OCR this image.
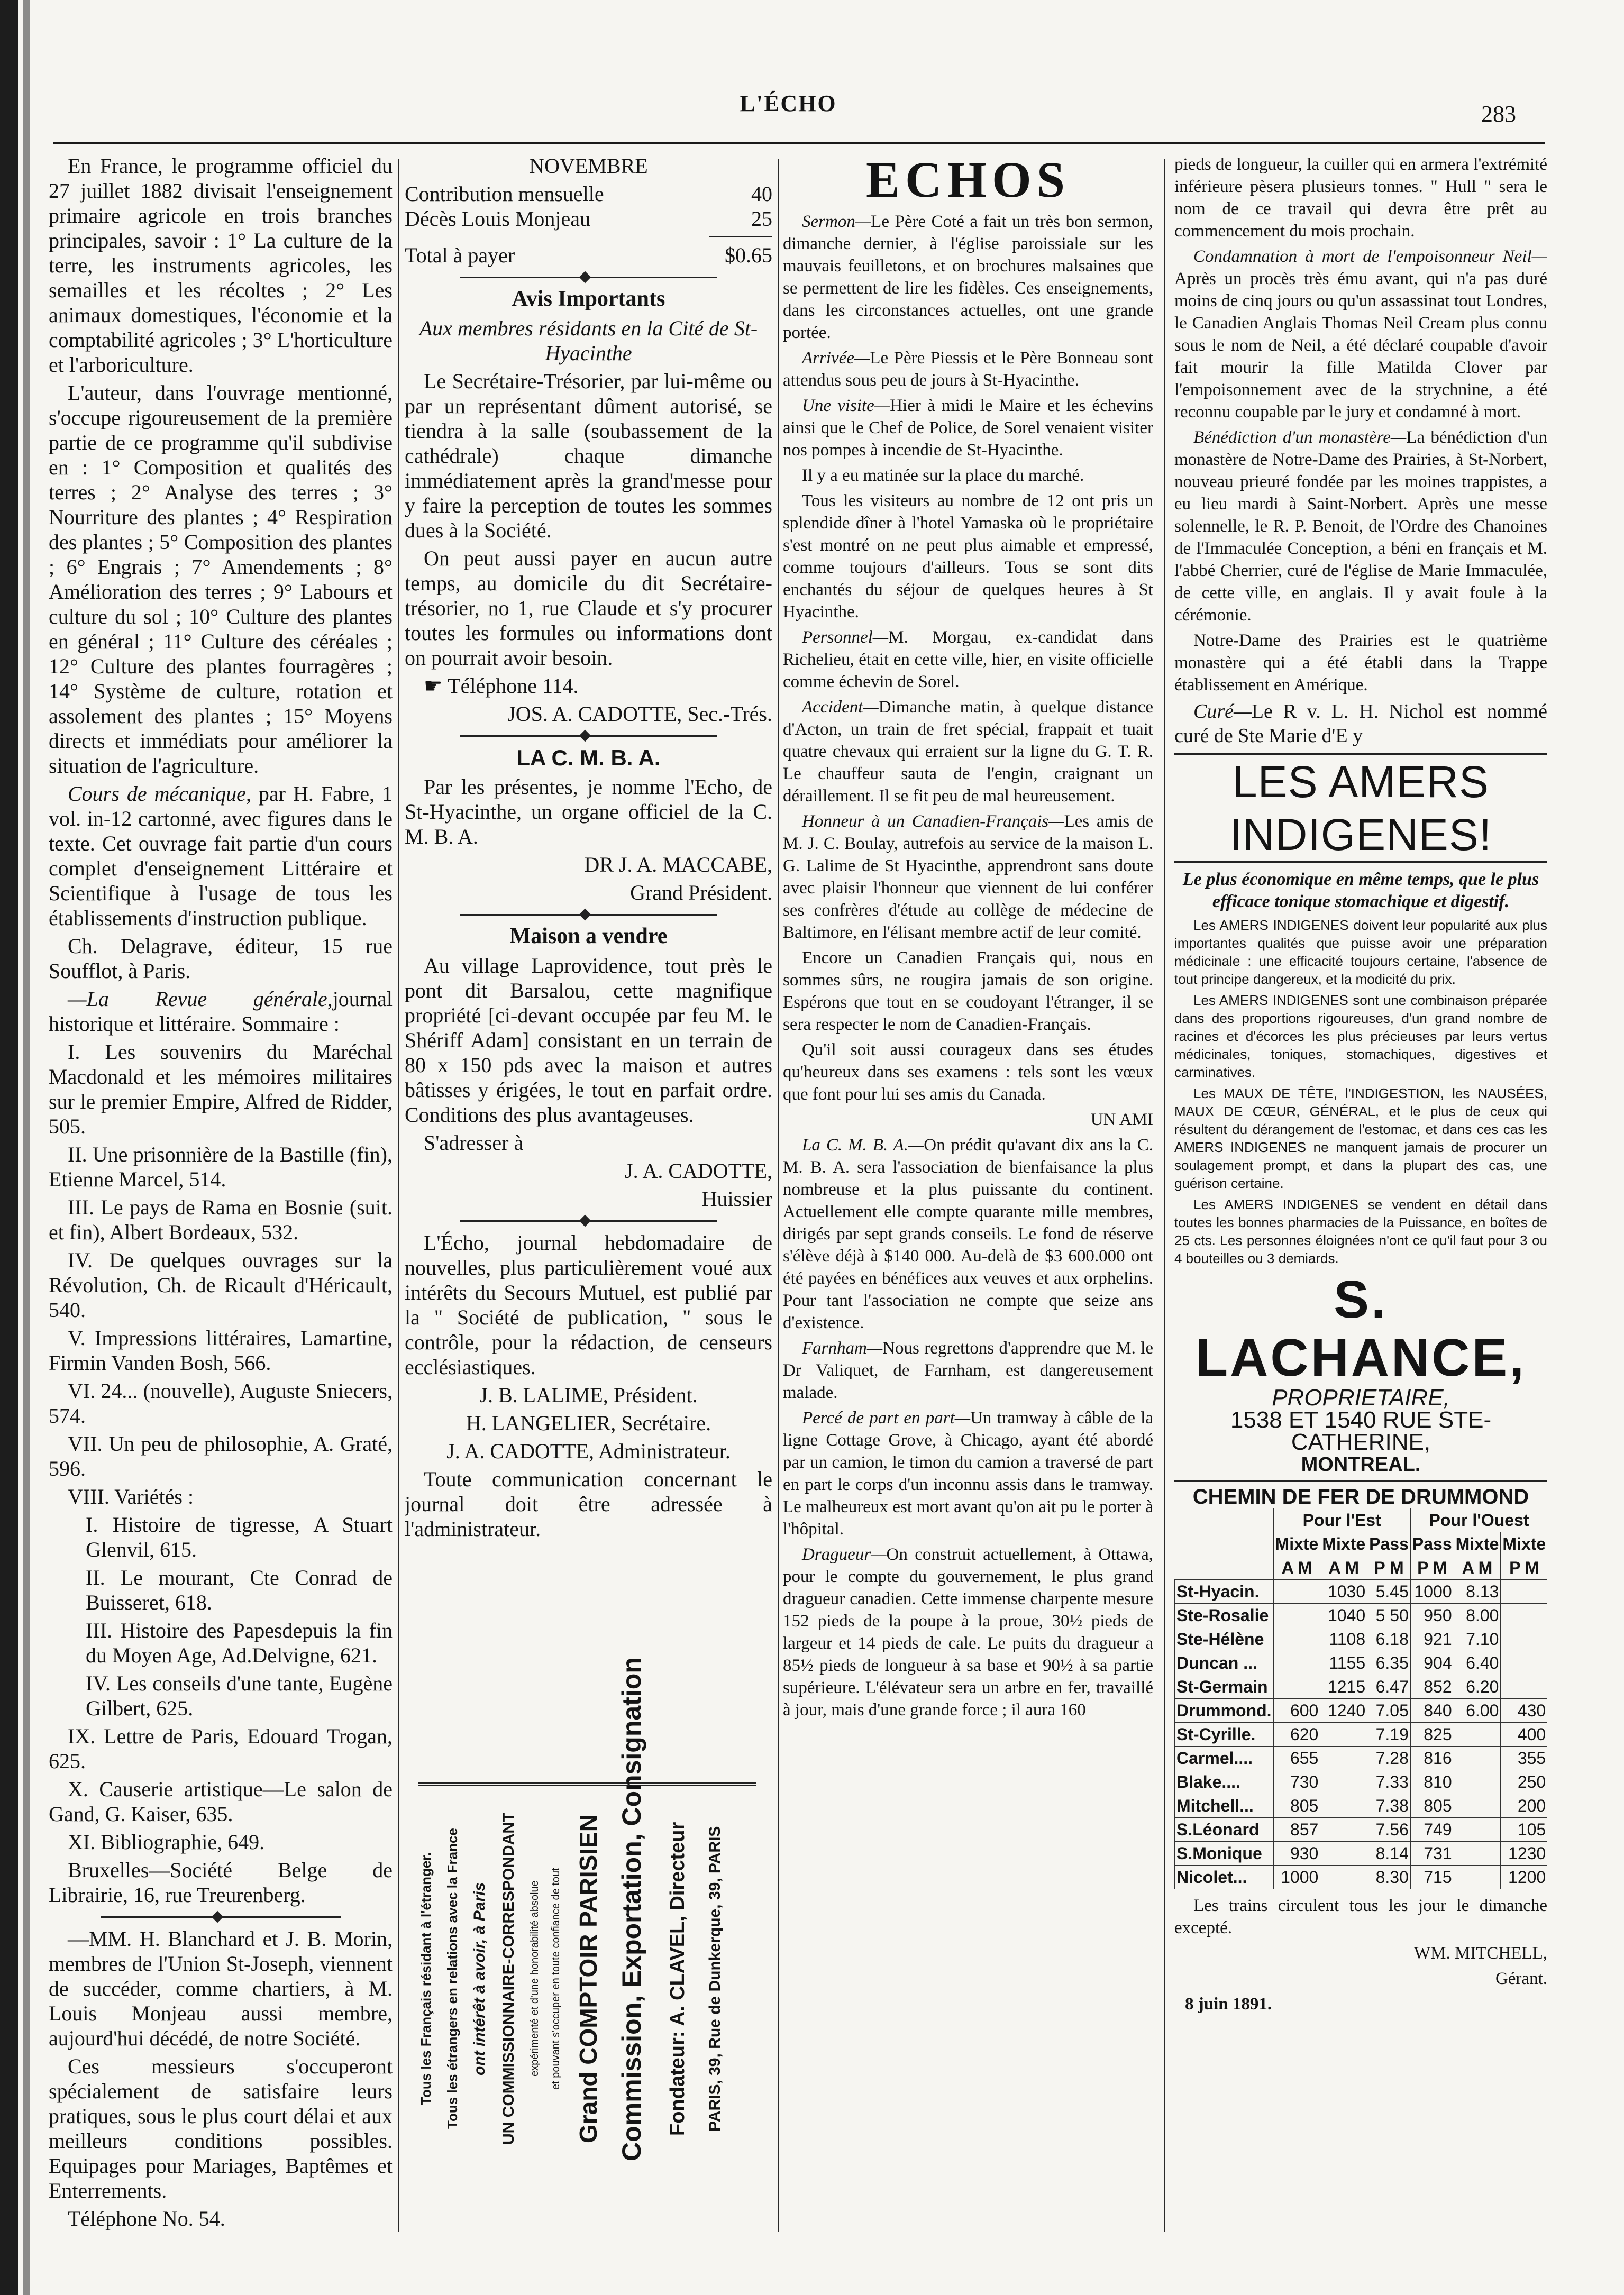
L'ÉCHO	283

En France, le programme officiel du 27 juillet 1882 divisait l'enseignement primaire agricole en trois branches principales, savoir : 1° La culture de la terre, les instruments agricoles, les semailles et les récoltes ; 2° Les animaux domestiques, l'économie et la comptabilité agricoles ; 3° L'horticulture et l'arboriculture.

L'auteur, dans l'ouvrage mentionné, s'occupe rigoureusement de la première partie de ce programme qu'il subdivise en : 1° Composition et qualités des terres ; 2° Analyse des terres ; 3° Nourriture des plantes ; 4° Respiration des plantes ; 5° Composition des plantes ; 6° Engrais ; 7° Amendements ; 8° Amélioration des terres ; 9° Labours et culture du sol ; 10° Culture des plantes en général ; 11° Culture des céréales ; 12° Culture des plantes fourragères ; 14° Système de culture, rotation et assolement des plantes ; 15° Moyens directs et immédiats pour améliorer la situation de l'agriculture.

Cours de mécanique, par H. Fabre, 1 vol. in-12 cartonné, avec figures dans le texte. Cet ouvrage fait partie d'un cours complet d'enseignement Littéraire et Scientifique à l'usage de tous les établissements d'instruction publique.

Ch. Delagrave, éditeur, 15 rue Soufflot, à Paris.

—La Revue générale,journal historique et littéraire. Sommaire :

I. Les souvenirs du Maréchal Macdonald et les mémoires militaires sur le premier Empire, Alfred de Ridder, 505.

II. Une prisonnière de la Bastille (fin), Etienne Marcel, 514.

III. Le pays de Rama en Bosnie (suit. et fin), Albert Bordeaux, 532.

IV. De quelques ouvrages sur la Révolution, Ch. de Ricault d'Héricault, 540.

V. Impressions littéraires, Lamartine, Firmin Vanden Bosh, 566.

VI. 24... (nouvelle), Auguste Sniecers, 574.

VII. Un peu de philosophie, A. Graté, 596.

VIII. Variétés :

I. Histoire de tigresse, A Stuart Glenvil, 615.

II. Le mourant, Cte Conrad de Buisseret, 618.

III. Histoire des Papesdepuis la fin du Moyen Age, Ad.Delvigne, 621.

IV. Les conseils d'une tante, Eugène Gilbert, 625.

IX. Lettre de Paris, Edouard Trogan, 625.

X. Causerie artistique—Le salon de Gand, G. Kaiser, 635.

XI. Bibliographie, 649.

Bruxelles—Société Belge de Librairie, 16, rue Treurenberg.

—MM. H. Blanchard et J. B. Morin, membres de l'Union St-Joseph, viennent de succéder, comme chartiers, à M. Louis Monjeau aussi membre, aujourd'hui décédé, de notre Société.

Ces messieurs s'occuperont spécialement de satisfaire leurs pratiques, sous le plus court délai et aux meilleurs conditions possibles. Equipages pour Mariages, Baptêmes et Enterrements.

Téléphone No. 54.

NOVEMBRE

Contribution mensuelle	40
Décès Louis Monjeau	25
Total à payer	$0.65
Avis Importants

Aux membres résidants en la Cité de St-Hyacinthe

Le Secrétaire-Trésorier, par lui-même ou par un représentant dûment autorisé, se tiendra à la salle (soubassement de la cathédrale) chaque dimanche immédiatement après la grand'messe pour y faire la perception de toutes les sommes dues à la Société.

On peut aussi payer en aucun autre temps, au domicile du dit Secrétaire-trésorier, no 1, rue Claude et s'y procurer toutes les formules ou informations dont on pourrait avoir besoin.

☛ Téléphone 114.

JOS. A. CADOTTE, Sec.-Trés.

LA C. M. B. A.

Par les présentes, je nomme l'Echo, de St-Hyacinthe, un organe officiel de la C. M. B. A.

DR J. A. MACCABE,

Grand Président.

Maison a vendre

Au village Laprovidence, tout près le pont dit Barsalou, cette magnifique propriété [ci-devant occupée par feu M. le Shériff Adam] consistant en un terrain de 80 x 150 pds avec la maison et autres bâtisses y érigées, le tout en parfait ordre. Conditions des plus avantageuses.

S'adresser à

J. A. CADOTTE,

Huissier

L'Écho, journal hebdomadaire de nouvelles, plus particulièrement voué aux intérêts du Secours Mutuel, est publié par la " Société de publication, " sous le contrôle, pour la rédaction, de censeurs ecclésiastiques.

J. B. LALIME, Président.

H. LANGELIER, Secrétaire.

J. A. CADOTTE, Administrateur.

Toute communication concernant le journal doit être adressée à l'administrateur.

Tous les Français résidant à l'étranger. Tous les étrangers en relations avec la France ont intérêt à avoir, à Paris UN COMMISSIONNAIRE-CORRESPONDANT	expérimenté et d'une honorabilité absolue et pouvant s'occuper en toute confiance de tout Grand COMPTOIR PARISIEN Commission, Exportation, Consignation	Fondateur: A. CLAVEL, Directeur	PARIS, 39, Rue de Dunkerque, 39, PARIS
ECHOS

Sermon—Le Père Coté a fait un très bon sermon, dimanche dernier, à l'église paroissiale sur les mauvais feuilletons, et on brochures malsaines que se permettent de lire les fidèles. Ces enseignements, dans les circonstances actuelles, ont une grande portée.

Arrivée—Le Père Piessis et le Père Bonneau sont attendus sous peu de jours à St-Hyacinthe.

Une visite—Hier à midi le Maire et les échevins ainsi que le Chef de Police, de Sorel venaient visiter nos pompes à incendie de St-Hyacinthe.

Il y a eu matinée sur la place du marché.

Tous les visiteurs au nombre de 12 ont pris un splendide dîner à l'hotel Yamaska où le propriétaire s'est montré on ne peut plus aimable et empressé, comme toujours d'ailleurs. Tous se sont dits enchantés du séjour de quelques heures à St Hyacinthe.

Personnel—M. Morgau, ex-candidat dans Richelieu, était en cette ville, hier, en visite officielle comme échevin de Sorel.

Accident—Dimanche matin, à quelque distance d'Acton, un train de fret spécial, frappait et tuait quatre chevaux qui erraient sur la ligne du G. T. R. Le chauffeur sauta de l'engin, craignant un déraillement. Il se fit peu de mal heureusement.

Honneur à un Canadien-Français—Les amis de M. J. C. Boulay, autrefois au service de la maison L. G. Lalime de St Hyacinthe, apprendront sans doute avec plaisir l'honneur que viennent de lui conférer ses confrères d'étude au collège de médecine de Baltimore, en l'élisant membre actif de leur comité.

Encore un Canadien Français qui, nous en sommes sûrs, ne rougira jamais de son origine. Espérons que tout en se coudoyant l'étranger, il se sera respecter le nom de Canadien-Français.

Qu'il soit aussi courageux dans ses études qu'heureux dans ses examens : tels sont les vœux que font pour lui ses amis du Canada.

UN AMI

La C. M. B. A.—On prédit qu'avant dix ans la C. M. B. A. sera l'association de bienfaisance la plus nombreuse et la plus puissante du continent. Actuellement elle compte quarante mille membres, dirigés par sept grands conseils. Le fond de réserve s'élève déjà à $140 000. Au-delà de $3 600.000 ont été payées en bénéfices aux veuves et aux orphelins. Pour tant l'association ne compte que seize ans d'existence.

Farnham—Nous regrettons d'apprendre que M. le Dr Valiquet, de Farnham, est dangereusement malade.

Percé de part en part—Un tramway à câble de la ligne Cottage Grove, à Chicago, ayant été abordé par un camion, le timon du camion a traversé de part en part le corps d'un inconnu assis dans le tramway. Le malheureux est mort avant qu'on ait pu le porter à l'hôpital.

Dragueur—On construit actuellement, à Ottawa, pour le compte du gouvernement, le plus grand dragueur canadien. Cette immense charpente mesure 152 pieds de la poupe à la proue, 30½ pieds de largeur et 14 pieds de cale. Le puits du dragueur a 85½ pieds de longueur à sa base et 90½ à sa partie supérieure. L'élévateur sera un arbre en fer, travaillé à jour, mais d'une grande force ; il aura 160

pieds de longueur, la cuiller qui en armera l'extrémité inférieure pèsera plusieurs tonnes. " Hull " sera le nom de ce travail qui devra être prêt au commencement du mois prochain.

Condamnation à mort de l'empoisonneur Neil—Après un procès très ému avant, qui n'a pas duré moins de cinq jours ou qu'un assassinat tout Londres, le Canadien Anglais Thomas Neil Cream plus connu sous le nom de Neil, a été déclaré coupable d'avoir fait mourir la fille Matilda Clover par l'empoisonnement avec de la strychnine, a été reconnu coupable par le jury et condamné à mort.

Bénédiction d'un monastère—La bénédiction d'un monastère de Notre-Dame des Prairies, à St-Norbert, nouveau prieuré fondée par les moines trappistes, a eu lieu mardi à Saint-Norbert. Après une messe solennelle, le R. P. Benoit, de l'Ordre des Chanoines de l'Immaculée Conception, a béni en français et M. l'abbé Cherrier, curé de l'église de Marie Immaculée, de cette ville, en anglais. Il y avait foule à la cérémonie.

Notre-Dame des Prairies est le quatrième monastère qui a été établi dans la Trappe établissement en Amérique.

Curé—Le R v. L. H. Nichol est nommé curé de Ste Marie d'E y

LES AMERS INDIGENES!

Le plus économique en même temps, que le plus efficace tonique stomachique et digestif.

Les AMERS INDIGENES doivent leur popularité aux plus importantes qualités que puisse avoir une préparation médicinale : une efficacité toujours certaine, l'absence de tout principe dangereux, et la modicité du prix.

Les AMERS INDIGENES sont une combinaison préparée dans des proportions rigoureuses, d'un grand nombre de racines et d'écorces les plus précieuses par leurs vertus médicinales, toniques, stomachiques, digestives et carminatives.

Les MAUX DE TÊTE, l'INDIGESTION, les NAUSÉES, MAUX DE CŒUR, GÉNÉRAL, et le plus de ceux qui résultent du dérangement de l'estomac, et dans ces cas les AMERS INDIGENES ne manquent jamais de procurer un soulagement prompt, et dans la plupart des cas, une guérison certaine.

Les AMERS INDIGENES se vendent en détail dans toutes les bonnes pharmacies de la Puissance, en boîtes de 25 cts. Les personnes éloignées n'ont ce qu'il faut pour 3 ou 4 bouteilles ou 3 demiards.

S. LACHANCE,
PROPRIETAIRE,
1538 ET 1540 RUE STE-CATHERINE,
MONTREAL.
CHEMIN DE FER DE DRUMMOND
	Pour l'Est			Pour l'Ouest		
	Mixte	Mixte	Pass	Pass	Mixte	Mixte
	A M	A M	P M	P M	A M	P M
St-Hyacin.		1030	5.45	1000	8.13	
Ste-Rosalie		1040	5 50	950	8.00	
Ste-Hélène		1108	6.18	921	7.10	
Duncan ...		1155	6.35	904	6.40	
St-Germain		1215	6.47	852	6.20	
Drummond.	600	1240	7.05	840	6.00	430
St-Cyrille.	620		7.19	825		400
Carmel....	655		7.28	816		355
Blake....	730		7.33	810		250
Mitchell...	805		7.38	805		200
S.Léonard	857		7.56	749		105
S.Monique	930		8.14	731		1230
Nicolet...	1000		8.30	715		1200

Les trains circulent tous les jour le dimanche excepté.

WM. MITCHELL,

Gérant.

8 juin 1891.
